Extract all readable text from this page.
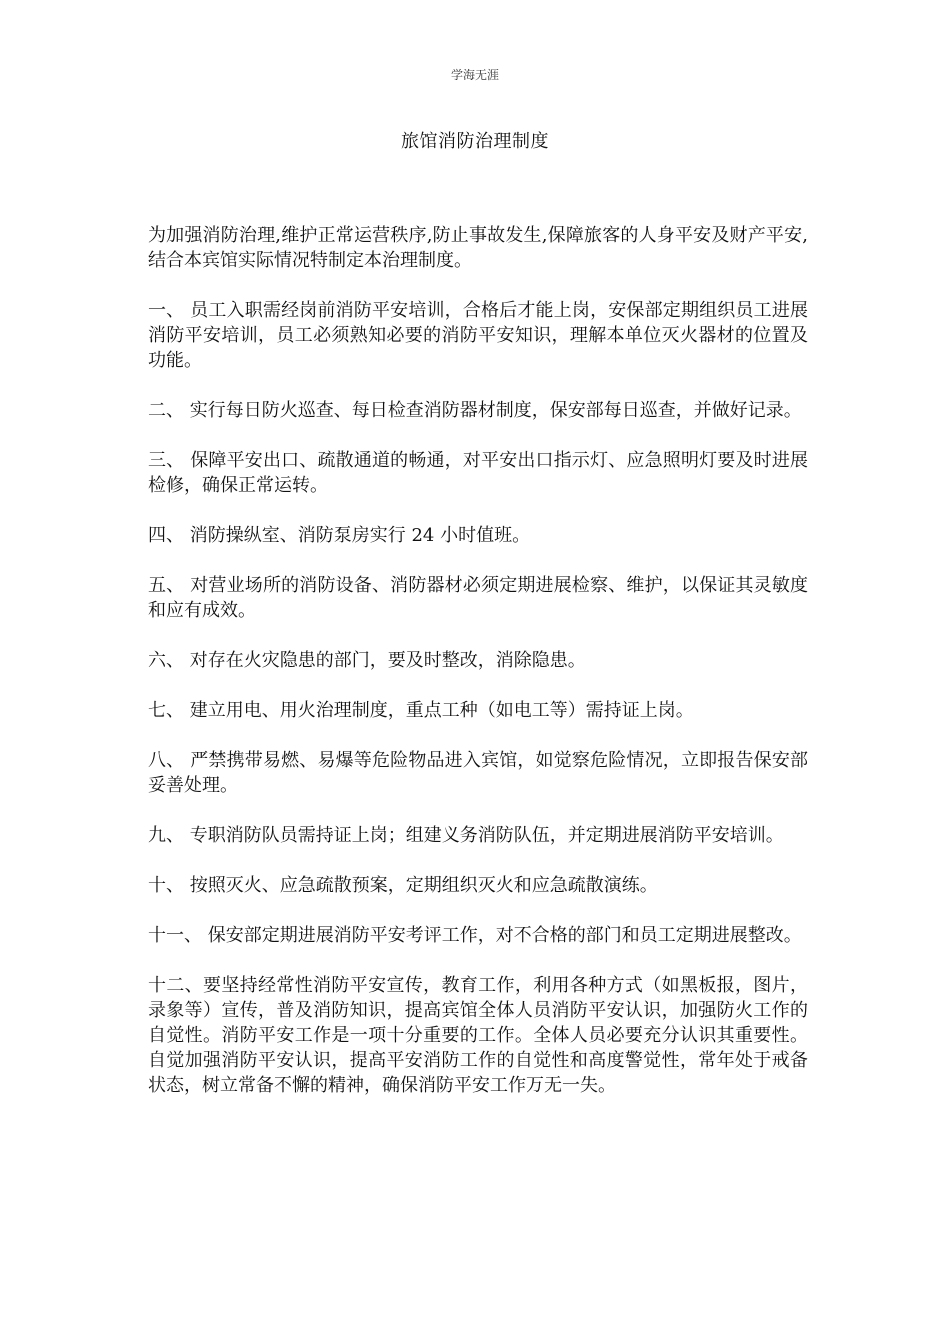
学海无涯
旅馆消防治理制度

为加强消防治理,维护正常运营秩序,防止事故发生,保障旅客的人身平安及财产平安,结合本宾馆实际情况特制定本治理制度。

一、 员工入职需经岗前消防平安培训，合格后才能上岗，安保部定期组织员工进展消防平安培训，员工必须熟知必要的消防平安知识，理解本单位灭火器材的位置及功能。

二、 实行每日防火巡查、每日检查消防器材制度，保安部每日巡查，并做好记录。

三、 保障平安出口、疏散通道的畅通，对平安出口指示灯、应急照明灯要及时进展检修，确保正常运转。

四、 消防操纵室、消防泵房实行 24 小时值班。

五、 对营业场所的消防设备、消防器材必须定期进展检察、维护，以保证其灵敏度和应有成效。

六、 对存在火灾隐患的部门，要及时整改，消除隐患。

七、 建立用电、用火治理制度，重点工种（如电工等）需持证上岗。

八、 严禁携带易燃、易爆等危险物品进入宾馆，如觉察危险情况，立即报告保安部妥善处理。

九、 专职消防队员需持证上岗；组建义务消防队伍，并定期进展消防平安培训。

十、 按照灭火、应急疏散预案，定期组织灭火和应急疏散演练。

十一、 保安部定期进展消防平安考评工作，对不合格的部门和员工定期进展整改。

十二、要坚持经常性消防平安宣传，教育工作，利用各种方式（如黑板报，图片，录象等）宣传，普及消防知识，提高宾馆全体人员消防平安认识，加强防火工作的自觉性。消防平安工作是一项十分重要的工作。全体人员必要充分认识其重要性。自觉加强消防平安认识，提高平安消防工作的自觉性和高度警觉性，常年处于戒备状态，树立常备不懈的精神，确保消防平安工作万无一失。
